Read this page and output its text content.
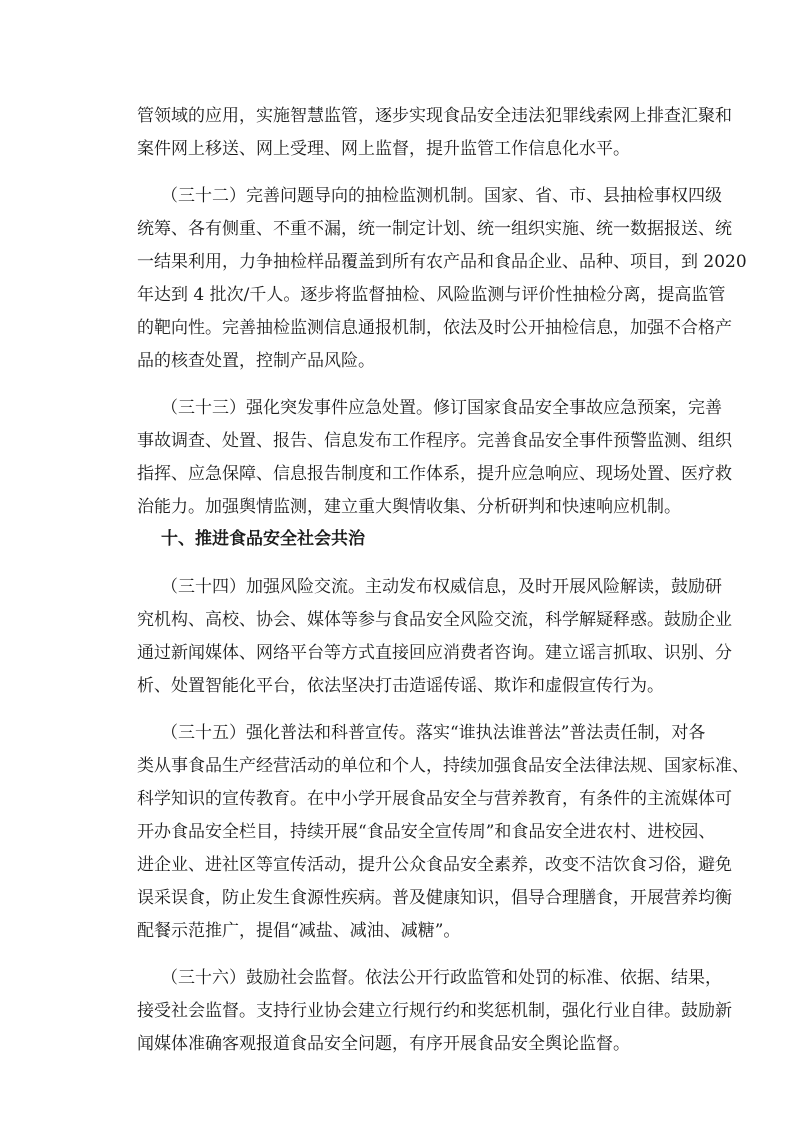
管领域的应用，实施智慧监管，逐步实现食品安全违法犯罪线索网上排查汇聚和
案件网上移送、网上受理、网上监督，提升监管工作信息化水平。
（三十二）完善问题导向的抽检监测机制。国家、省、市、县抽检事权四级
统筹、各有侧重、不重不漏，统一制定计划、统一组织实施、统一数据报送、统
一结果利用，力争抽检样品覆盖到所有农产品和食品企业、品种、项目，到 2020
年达到 4 批次/千人。逐步将监督抽检、风险监测与评价性抽检分离，提高监管
的靶向性。完善抽检监测信息通报机制，依法及时公开抽检信息，加强不合格产
品的核查处置，控制产品风险。
（三十三）强化突发事件应急处置。修订国家食品安全事故应急预案，完善
事故调查、处置、报告、信息发布工作程序。完善食品安全事件预警监测、组织
指挥、应急保障、信息报告制度和工作体系，提升应急响应、现场处置、医疗救
治能力。加强舆情监测，建立重大舆情收集、分析研判和快速响应机制。
十、推进食品安全社会共治
（三十四）加强风险交流。主动发布权威信息，及时开展风险解读，鼓励研
究机构、高校、协会、媒体等参与食品安全风险交流，科学解疑释惑。鼓励企业
通过新闻媒体、网络平台等方式直接回应消费者咨询。建立谣言抓取、识别、分
析、处置智能化平台，依法坚决打击造谣传谣、欺诈和虚假宣传行为。
（三十五）强化普法和科普宣传。落实“谁执法谁普法”普法责任制，对各
类从事食品生产经营活动的单位和个人，持续加强食品安全法律法规、国家标准、
科学知识的宣传教育。在中小学开展食品安全与营养教育，有条件的主流媒体可
开办食品安全栏目，持续开展“食品安全宣传周”和食品安全进农村、进校园、
进企业、进社区等宣传活动，提升公众食品安全素养，改变不洁饮食习俗，避免
误采误食，防止发生食源性疾病。普及健康知识，倡导合理膳食，开展营养均衡
配餐示范推广，提倡“减盐、减油、减糖”。
（三十六）鼓励社会监督。依法公开行政监管和处罚的标准、依据、结果，
接受社会监督。支持行业协会建立行规行约和奖惩机制，强化行业自律。鼓励新
闻媒体准确客观报道食品安全问题，有序开展食品安全舆论监督。
